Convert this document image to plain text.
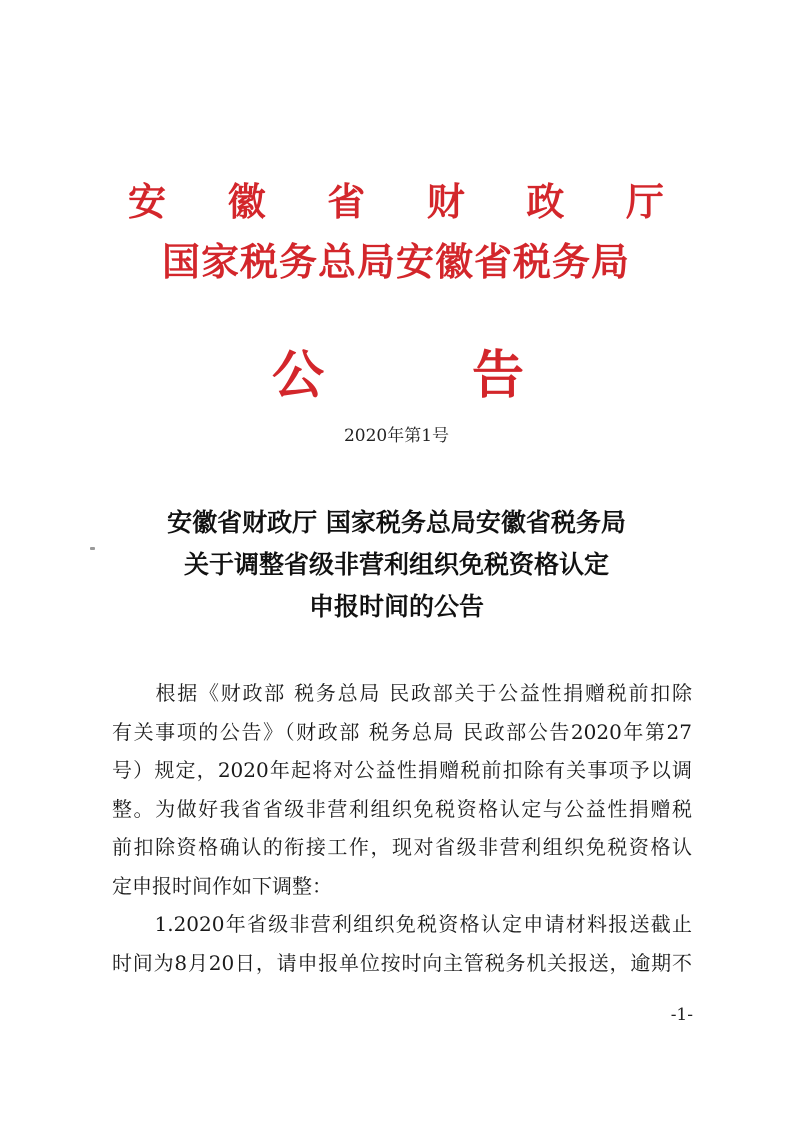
安 徽 省 财 政 厅
国家税务总局安徽省税务局
公	告
2020年第1号
安徽省财政厅 国家税务总局安徽省税务局
关于调整省级非营利组织免税资格认定
申报时间的公告
　　根据《财政部 税务总局 民政部关于公益性捐赠税前扣除
有关事项的公告》（财政部 税务总局 民政部公告2020年第27
号）规定，2020年起将对公益性捐赠税前扣除有关事项予以调
整。为做好我省省级非营利组织免税资格认定与公益性捐赠税
前扣除资格确认的衔接工作，现对省级非营利组织免税资格认
定申报时间作如下调整：
　　1.2020年省级非营利组织免税资格认定申请材料报送截止
时间为8月20日，请申报单位按时向主管税务机关报送，逾期不
-1-
